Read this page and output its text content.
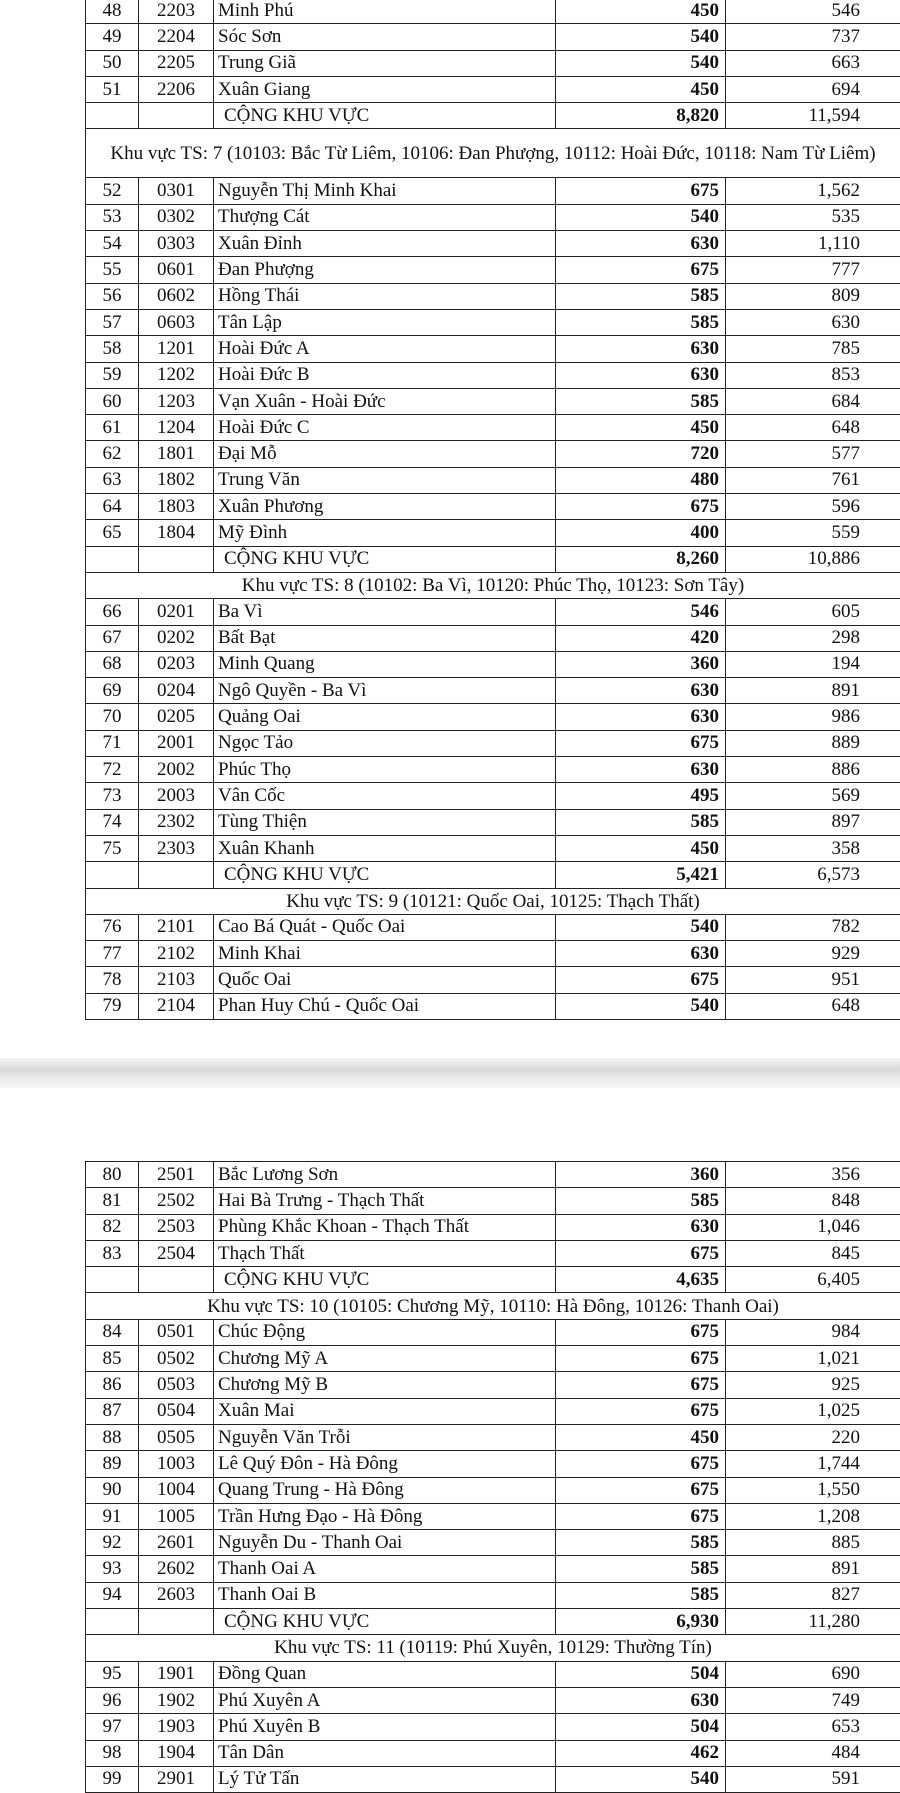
48	2203	Minh Phú	450	546
49	2204	Sóc Sơn	540	737
50	2205	Trung Giã	540	663
51	2206	Xuân Giang	450	694
		CỘNG KHU VỰC	8,820	11,594
Khu vực TS: 7 (10103: Bắc Từ Liêm, 10106: Đan Phượng, 10112: Hoài Đức, 10118: Nam Từ Liêm)				
52	0301	Nguyễn Thị Minh Khai	675	1,562
53	0302	Thượng Cát	540	535
54	0303	Xuân Đỉnh	630	1,110
55	0601	Đan Phượng	675	777
56	0602	Hồng Thái	585	809
57	0603	Tân Lập	585	630
58	1201	Hoài Đức A	630	785
59	1202	Hoài Đức B	630	853
60	1203	Vạn Xuân - Hoài Đức	585	684
61	1204	Hoài Đức C	450	648
62	1801	Đại Mỗ	720	577
63	1802	Trung Văn	480	761
64	1803	Xuân Phương	675	596
65	1804	Mỹ Đình	400	559
		CỘNG KHU VỰC	8,260	10,886
Khu vực TS: 8 (10102: Ba Vì, 10120: Phúc Thọ, 10123: Sơn Tây)				
66	0201	Ba Vì	546	605
67	0202	Bất Bạt	420	298
68	0203	Minh Quang	360	194
69	0204	Ngô Quyền - Ba Vì	630	891
70	0205	Quảng Oai	630	986
71	2001	Ngọc Tảo	675	889
72	2002	Phúc Thọ	630	886
73	2003	Vân Cốc	495	569
74	2302	Tùng Thiện	585	897
75	2303	Xuân Khanh	450	358
		CỘNG KHU VỰC	5,421	6,573
Khu vực TS: 9 (10121: Quốc Oai, 10125: Thạch Thất)				
76	2101	Cao Bá Quát - Quốc Oai	540	782
77	2102	Minh Khai	630	929
78	2103	Quốc Oai	675	951
79	2104	Phan Huy Chú - Quốc Oai	540	648
80	2501	Bắc Lương Sơn	360	356
81	2502	Hai Bà Trưng - Thạch Thất	585	848
82	2503	Phùng Khắc Khoan - Thạch Thất	630	1,046
83	2504	Thạch Thất	675	845
		CỘNG KHU VỰC	4,635	6,405
Khu vực TS: 10 (10105: Chương Mỹ, 10110: Hà Đông, 10126: Thanh Oai)				
84	0501	Chúc Động	675	984
85	0502	Chương Mỹ A	675	1,021
86	0503	Chương Mỹ B	675	925
87	0504	Xuân Mai	675	1,025
88	0505	Nguyễn Văn Trỗi	450	220
89	1003	Lê Quý Đôn - Hà Đông	675	1,744
90	1004	Quang Trung - Hà Đông	675	1,550
91	1005	Trần Hưng Đạo - Hà Đông	675	1,208
92	2601	Nguyễn Du - Thanh Oai	585	885
93	2602	Thanh Oai A	585	891
94	2603	Thanh Oai B	585	827
		CỘNG KHU VỰC	6,930	11,280
Khu vực TS: 11 (10119: Phú Xuyên, 10129: Thường Tín)				
95	1901	Đồng Quan	504	690
96	1902	Phú Xuyên A	630	749
97	1903	Phú Xuyên B	504	653
98	1904	Tân Dân	462	484
99	2901	Lý Tử Tấn	540	591
